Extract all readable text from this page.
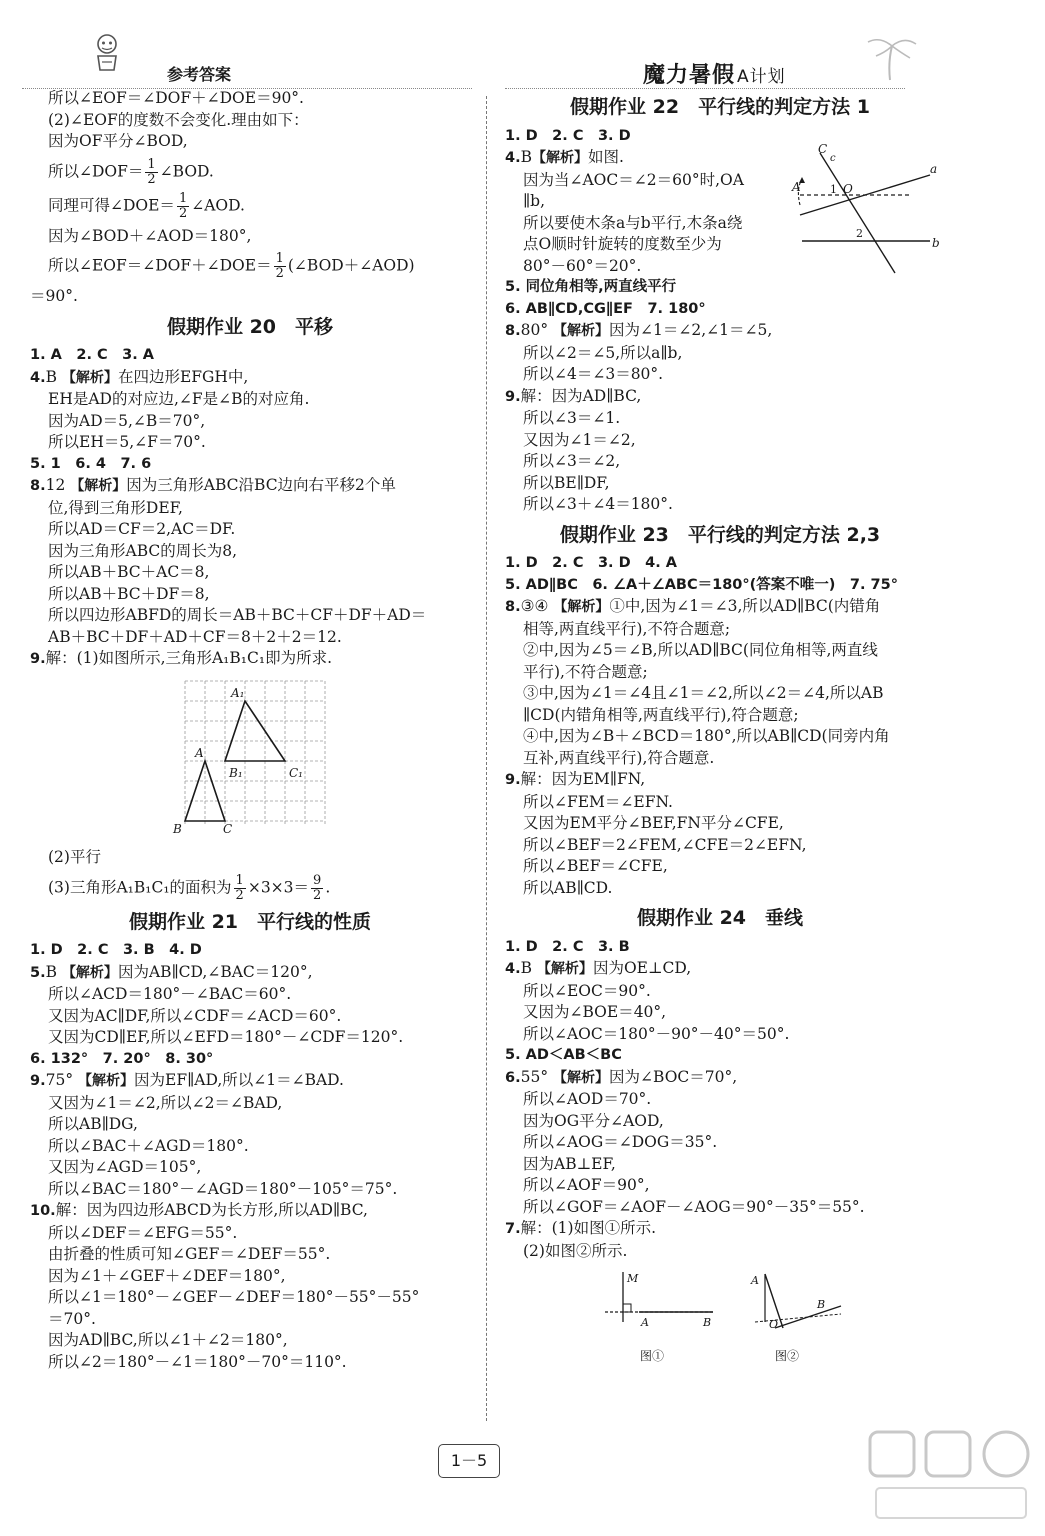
参考答案	魔力暑假 A计划
所以∠EOF＝∠DOF＋∠DOE＝90°.
(2)∠EOF的度数不会变化.理由如下：
因为OF平分∠BOD,
所以∠DOF＝ $\frac{1}{2}$ ∠BOD.
同理可得∠DOE＝ $\frac{1}{2}$ ∠AOD.
因为∠BOD＋∠AOD＝180°,
所以∠EOF＝∠DOF＋∠DOE＝ $\frac{1}{2}$ (∠BOD＋∠AOD)
＝90°.
假期作业 20　平移
1. A　2. C　3. A
4.B 【解析】在四边形EFGH中,
EH是AD的对应边,∠F是∠B的对应角.
因为AD＝5,∠B＝70°,
所以EH＝5,∠F＝70°.
5. 1　6. 4　7. 6
8.12 【解析】因为三角形ABC沿BC边向右平移2个单
位,得到三角形DEF,
所以AD＝CF＝2,AC＝DF.
因为三角形ABC的周长为8,
所以AB＋BC＋AC＝8,
所以AB＋BC＋DF＝8,
所以四边形ABFD的周长＝AB＋BC＋CF＋DF＋AD＝
AB＋BC＋DF＋AD＋CF＝8＋2＋2＝12.
9.解：(1)如图所示,三角形A₁B₁C₁即为所求.
A
B	C
A₁
B₁	C₁
(2)平行
(3)三角形A₁B₁C₁的面积为 $\frac{1}{2} \times 3\times 3= \frac{9}{2}$ .
假期作业 21　平行线的性质
1. D　2. C　3. B　4. D
5.B 【解析】因为AB∥CD,∠BAC＝120°,
所以∠ACD＝180°－∠BAC＝60°.
又因为AC∥DF,所以∠CDF＝∠ACD＝60°.
又因为CD∥EF,所以∠EFD＝180°－∠CDF＝120°.
6. 132°　7. 20°　8. 30°
9.75° 【解析】因为EF∥AD,所以∠1＝∠BAD.
又因为∠1＝∠2,所以∠2＝∠BAD,
所以AB∥DG,
所以∠BAC＋∠AGD＝180°.
又因为∠AGD＝105°,
所以∠BAC＝180°－∠AGD＝180°－105°＝75°.
10.解：因为四边形ABCD为长方形,所以AD∥BC,
所以∠DEF＝∠EFG＝55°.
由折叠的性质可知∠GEF＝∠DEF＝55°.
因为∠1＋∠GEF＋∠DEF＝180°,
所以∠1＝180°－∠GEF－∠DEF＝180°－55°－55°
＝70°.
因为AD∥BC,所以∠1＋∠2＝180°,
所以∠2＝180°－∠1＝180°－70°＝110°.
假期作业 22　平行线的判定方法 1
1. D　2. C　3. D
4.B【解析】如图.
因为当∠AOC＝∠2＝60°时,OA
∥b,
所以要使木条a与b平行,木条a绕
点O顺时针旋转的度数至少为
80°－60°＝20°.
C
c
A
a
b
O
1
2
5. 同位角相等,两直线平行
6. AB∥CD,CG∥EF　7. 180°
8.80° 【解析】因为∠1＝∠2,∠1＝∠5,
所以∠2＝∠5,所以a∥b,
所以∠4＝∠3＝80°.
9.解：因为AD∥BC,
所以∠3＝∠1.
又因为∠1＝∠2,
所以∠3＝∠2,
所以BE∥DF,
所以∠3＋∠4＝180°.
假期作业 23　平行线的判定方法 2,3
1. D　2. C　3. D　4. A
5. AD∥BC　6. ∠A＋∠ABC＝180°(答案不唯一)　7. 75°
8.③④ 【解析】①中,因为∠1＝∠3,所以AD∥BC(内错角
相等,两直线平行),不符合题意;
②中,因为∠5＝∠B,所以AD∥BC(同位角相等,两直线
平行),不符合题意;
③中,因为∠1＝∠4且∠1＝∠2,所以∠2＝∠4,所以AB
∥CD(内错角相等,两直线平行),符合题意;
④中,因为∠B＋∠BCD＝180°,所以AB∥CD(同旁内角
互补,两直线平行),符合题意.
9.解：因为EM∥FN,
所以∠FEM＝∠EFN.
又因为EM平分∠BEF,FN平分∠CFE,
所以∠BEF＝2∠FEM,∠CFE＝2∠EFN,
所以∠BEF＝∠CFE,
所以AB∥CD.
假期作业 24　垂线
1. D　2. C　3. B
4.B 【解析】因为OE⊥CD,
所以∠EOC＝90°.
又因为∠BOE＝40°,
所以∠AOC＝180°－90°－40°＝50°.
5. AD＜AB＜BC
6.55° 【解析】因为∠BOC＝70°,
所以∠AOD＝70°.
因为OG平分∠AOD,
所以∠AOG＝∠DOG＝35°.
因为AB⊥EF,
所以∠AOF＝90°,
所以∠GOF＝∠AOF－∠AOG＝90°－35°＝55°.
7.解：(1)如图①所示.
(2)如图②所示.
M
A	B
图①
A
O
B
图②
1－5
